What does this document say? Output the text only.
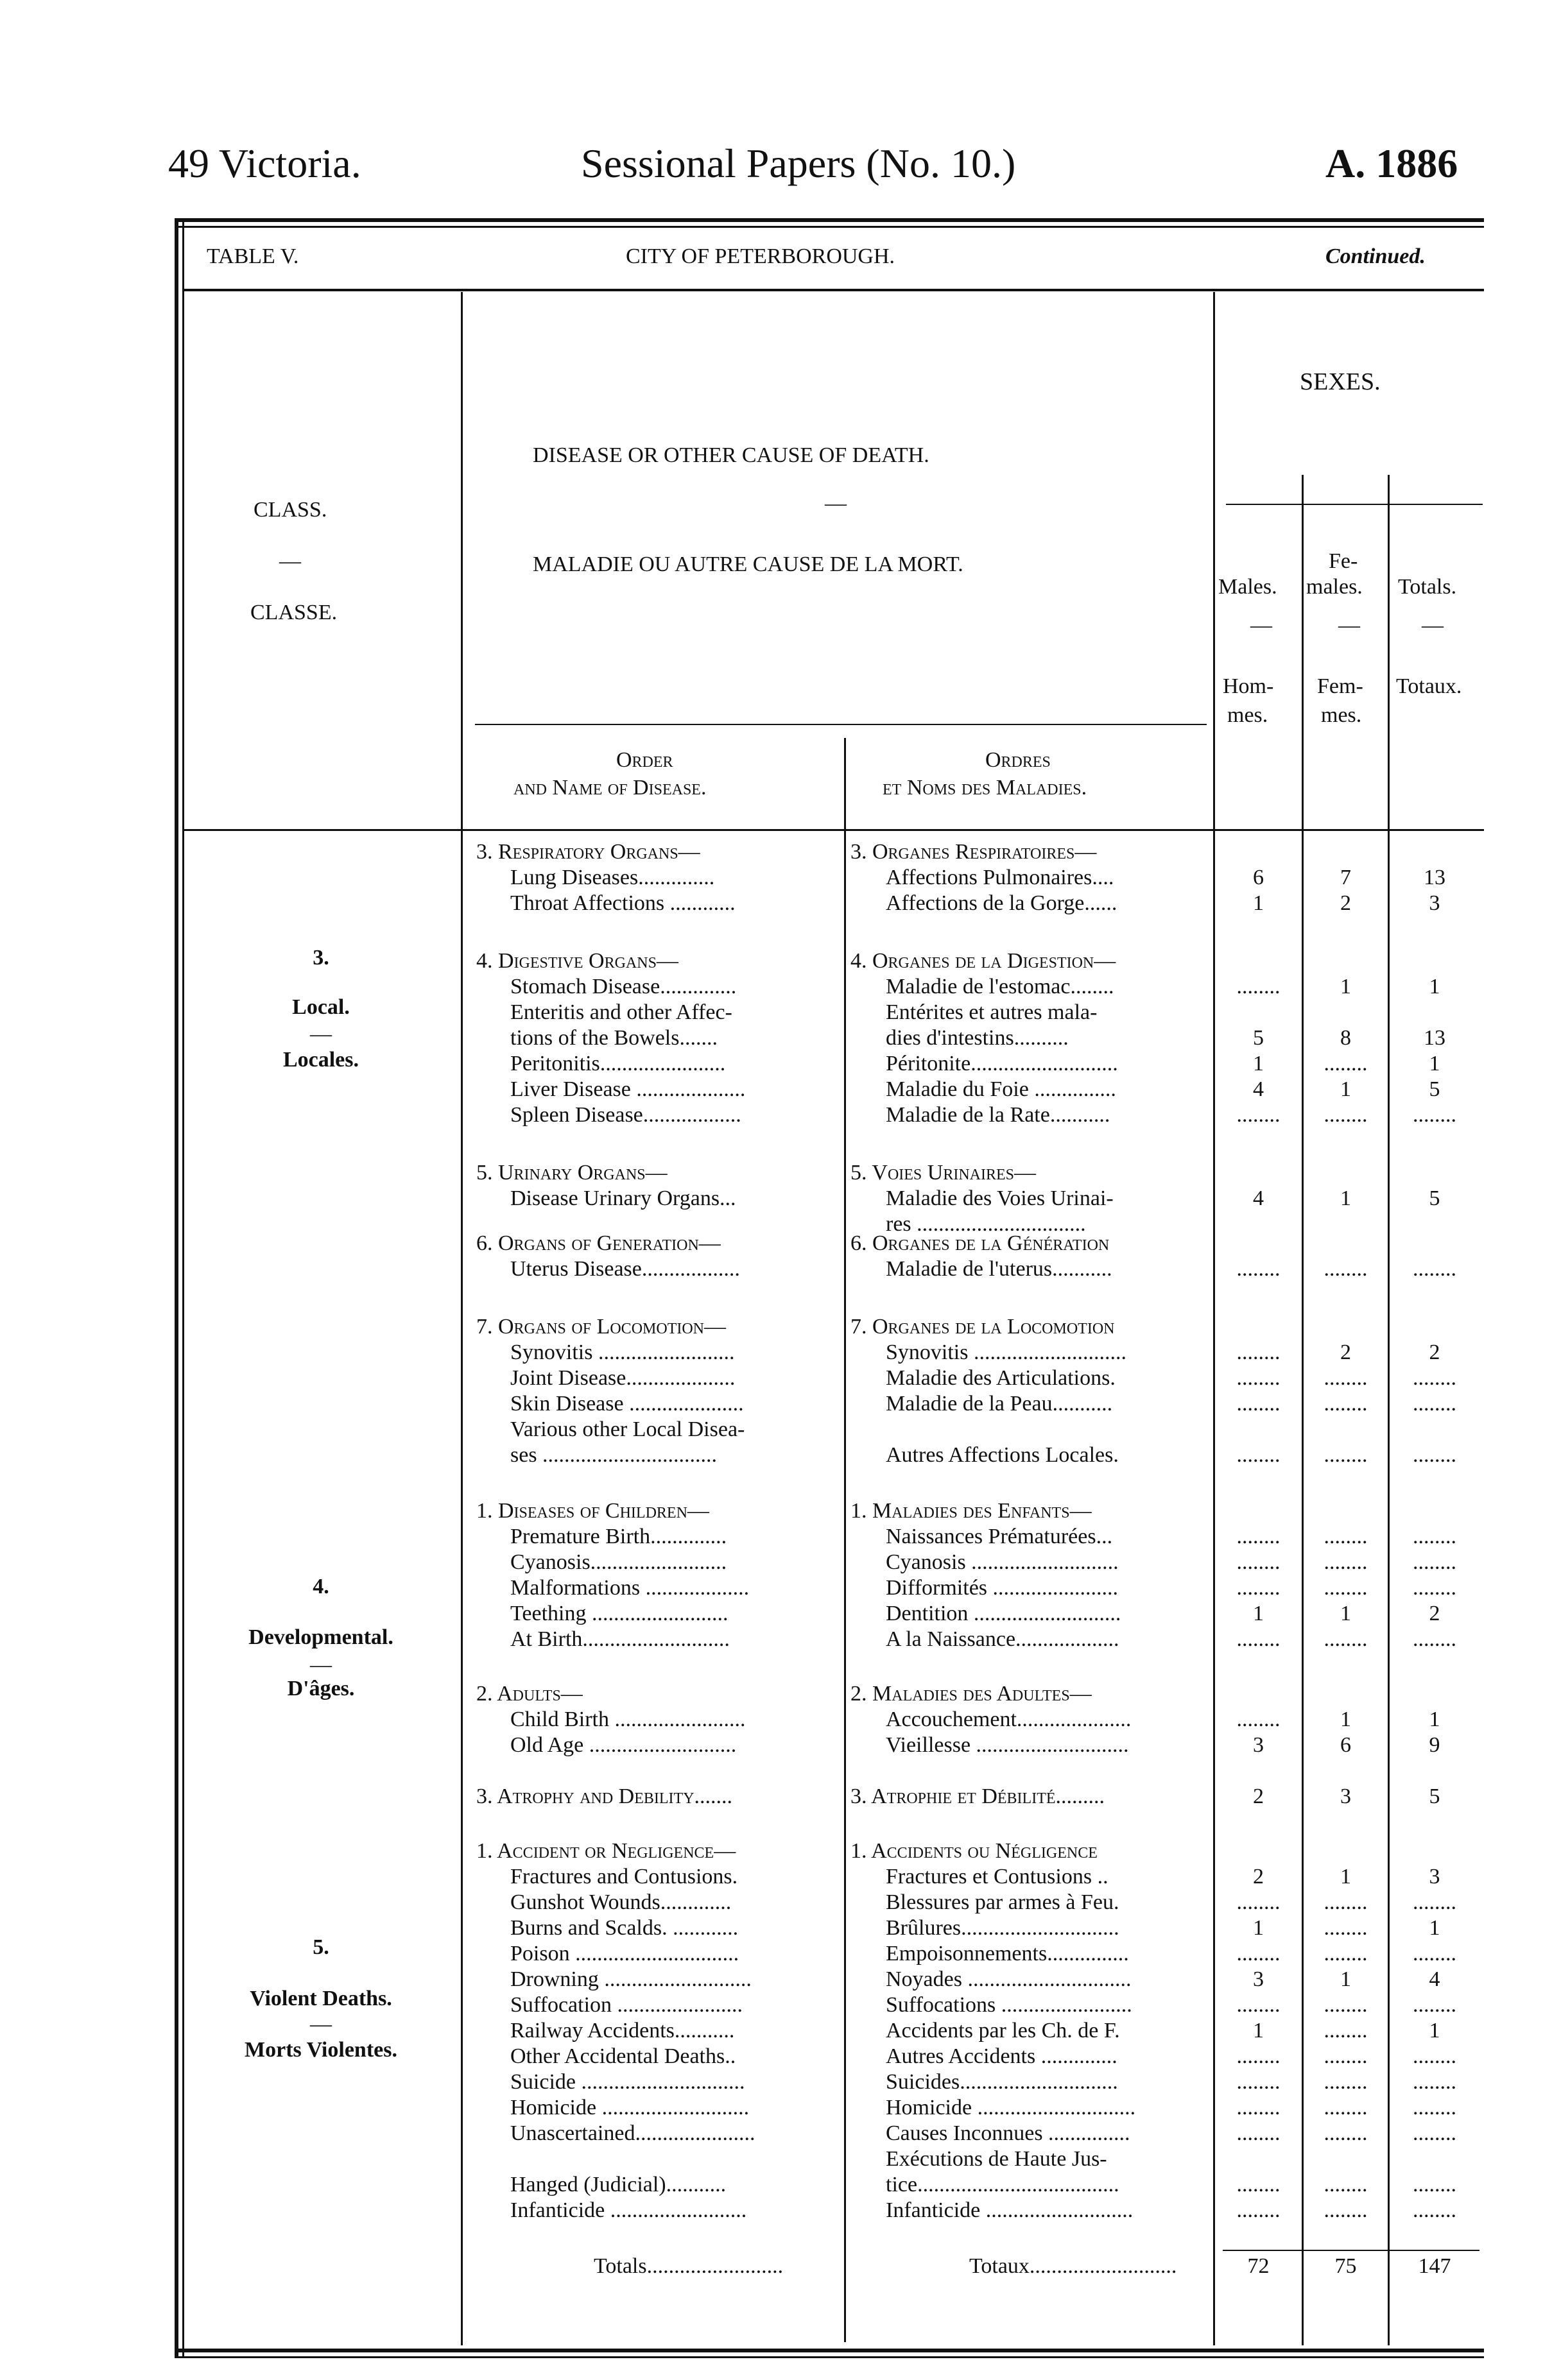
49 Victoria.	Sessional Papers (No. 10.)	A. 1886
TABLE V.	CITY OF PETERBOROUGH.	Continued.
CLASS.
—
CLASSE.
DISEASE OR OTHER CAUSE OF DEATH.
—
MALADIE OU AUTRE CAUSE DE LA MORT.
Order
and Name of Disease.
Ordres
et Noms des Maladies.
SEXES.
Males.
—
Hom-
mes.
Fe-
males.
—
Fem-
mes.
Totals.
—
Totaux.
3.
Local.
—
Locales.
4.
Developmental.
—
D'âges.
5.
Violent Deaths.
—
Morts Violentes.
3. Respiratory Organs—	3. Organes Respiratoires—
Lung Diseases..............	Affections Pulmonaires....	6	7	13
Throat Affections ............	Affections de la Gorge......	1	2	3
4. Digestive Organs—	4. Organes de la Digestion—
Stomach Disease..............	Maladie de l'estomac........	........	1	1
Enteritis and other Affec-	Entérites et autres mala-
tions of the Bowels.......	dies d'intestins..........	5	8	13
Peritonitis.......................	Péritonite...........................	1	........	1
Liver Disease ....................	Maladie du Foie ...............	4	1	5
Spleen Disease..................	Maladie de la Rate...........	........	........	........
5. Urinary Organs—	5. Voies Urinaires—
Disease Urinary Organs...	Maladie des Voies Urinai-	4	1	5
res ...............................
6. Organs of Generation—	6. Organes de la Génération
Uterus Disease..................	Maladie de l'uterus...........	........	........	........
7. Organs of Locomotion—	7. Organes de la Locomotion
Synovitis .........................	Synovitis ............................	........	2	2
Joint Disease....................	Maladie des Articulations.	........	........	........
Skin Disease .....................	Maladie de la Peau...........	........	........	........
Various other Local Disea-
ses ................................	Autres Affections Locales.	........	........	........
1. Diseases of Children—	1. Maladies des Enfants—
Premature Birth..............	Naissances Prématurées...	........	........	........
Cyanosis.........................	Cyanosis ...........................	........	........	........
Malformations ...................	Difformités .......................	........	........	........
Teething .........................	Dentition ...........................	1	1	2
At Birth...........................	A la Naissance...................	........	........	........
2. Adults—	2. Maladies des Adultes—
Child Birth ........................	Accouchement.....................	........	1	1
Old Age ...........................	Vieillesse ............................	3	6	9
3. Atrophy and Debility.......	3. Atrophie et Débilité.........	2	3	5
1. Accident or Negligence—	1. Accidents ou Négligence
Fractures and Contusions.	Fractures et Contusions ..	2	1	3
Gunshot Wounds.............	Blessures par armes à Feu.	........	........	........
Burns and Scalds. ............	Brûlures.............................	1	........	1
Poison ..............................	Empoisonnements...............	........	........	........
Drowning ...........................	Noyades ..............................	3	1	4
Suffocation .......................	Suffocations ........................	........	........	........
Railway Accidents...........	Accidents par les Ch. de F.	1	........	1
Other Accidental Deaths..	Autres Accidents ..............	........	........	........
Suicide ..............................	Suicides.............................	........	........	........
Homicide ...........................	Homicide .............................	........	........	........
Unascertained......................	Causes Inconnues ...............	........	........	........
Exécutions de Haute Jus-
Hanged (Judicial)...........	tice.....................................	........	........	........
Infanticide .........................	Infanticide ...........................	........	........	........
Totals.........................	Totaux...........................	72	75	147
